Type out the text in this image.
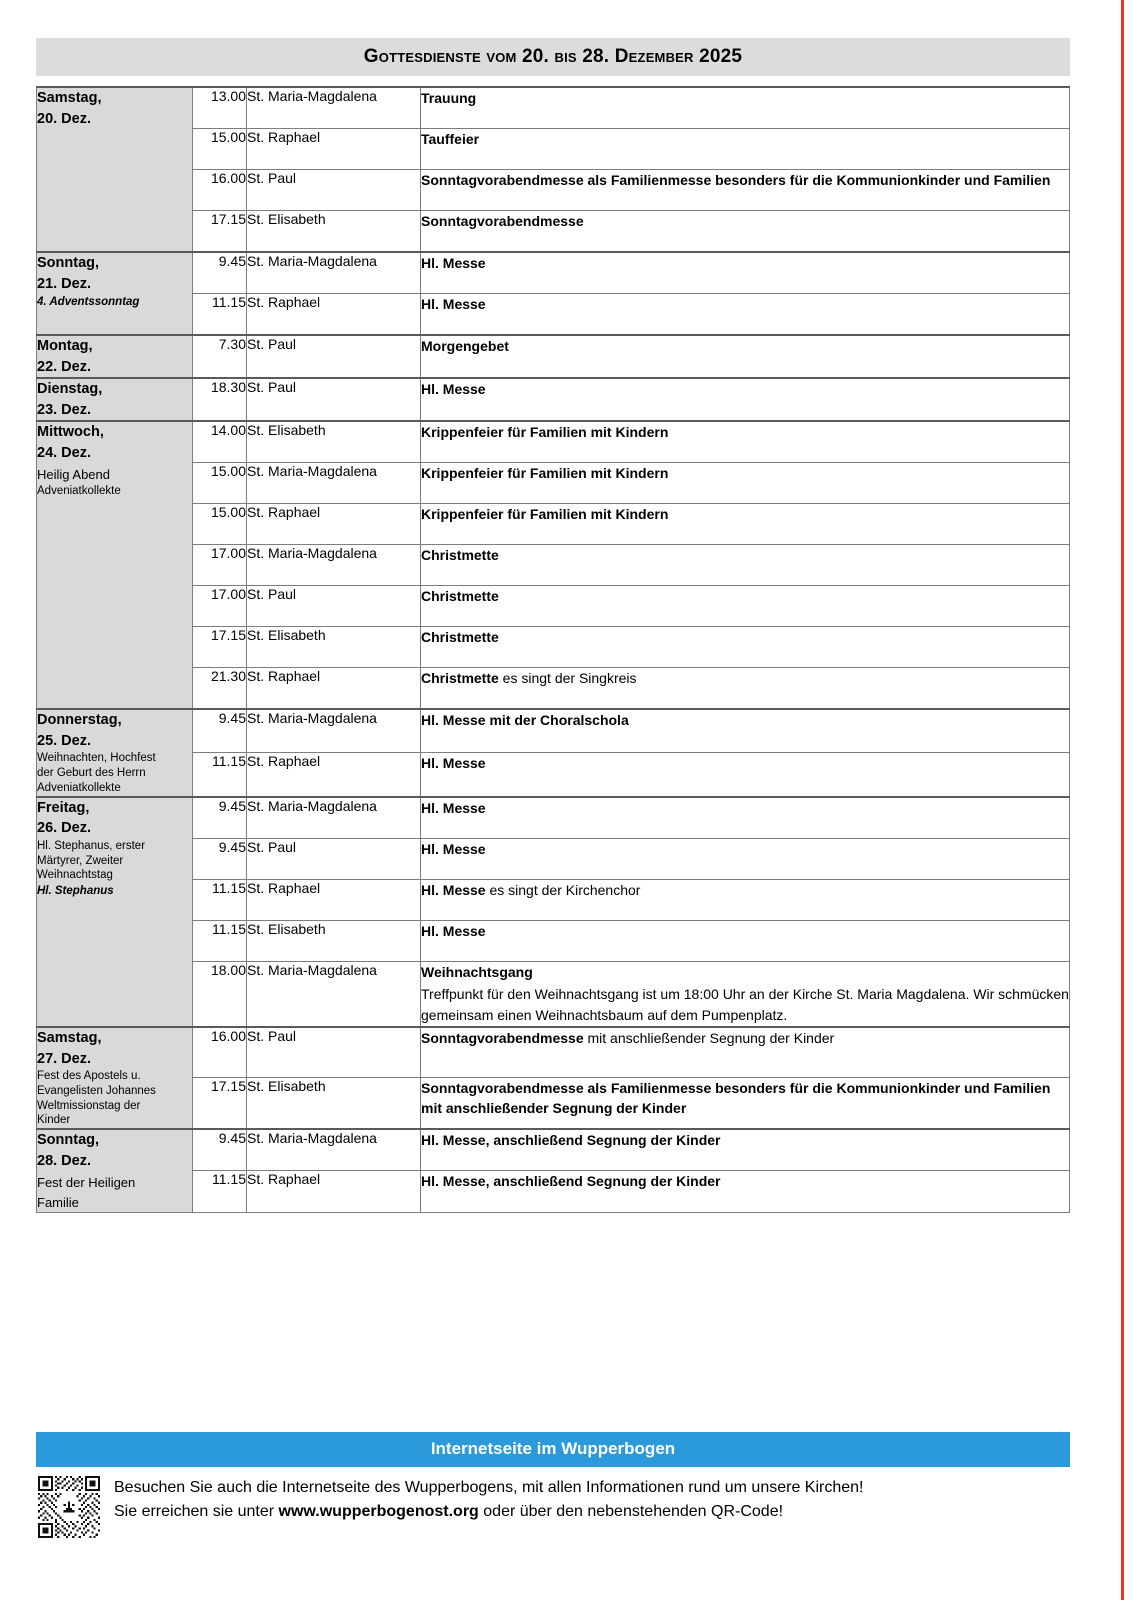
Gottesdienste vom 20. bis 28. Dezember 2025
Samstag,
20. Dez.	13.00	St. Maria-Magdalena	Trauung
	15.00	St. Raphael	Tauffeier
	16.00	St. Paul	Sonntagvorabendmesse als Familienmesse besonders für die Kommunionkinder und Familien
	17.15	St. Elisabeth	Sonntagvorabendmesse

Sonntag,
21. Dez.
4. Adventssonntag	9.45	St. Maria-Magdalena	Hl. Messe
	11.15	St. Raphael	Hl. Messe

Montag,
22. Dez.	7.30	St. Paul	Morgengebet

Dienstag,
23. Dez.	18.30	St. Paul	Hl. Messe

Mittwoch,
24. Dez.
Heilig Abend
Adveniatkollekte	14.00	St. Elisabeth	Krippenfeier für Familien mit Kindern
	15.00	St. Maria-Magdalena	Krippenfeier für Familien mit Kindern
	15.00	St. Raphael	Krippenfeier für Familien mit Kindern
	17.00	St. Maria-Magdalena	Christmette
	17.00	St. Paul	Christmette
	17.15	St. Elisabeth	Christmette
	21.30	St. Raphael	Christmette es singt der Singkreis

Donnerstag,
25. Dez.
Weihnachten, Hochfest
der Geburt des Herrn
Adveniatkollekte	9.45	St. Maria-Magdalena	Hl. Messe mit der Choralschola
	11.15	St. Raphael	Hl. Messe

Freitag,
26. Dez.
Hl. Stephanus, erster
Märtyrer, Zweiter
Weihnachtstag
Hl. Stephanus
	9.45	St. Maria-Magdalena	Hl. Messe
	9.45	St. Paul	Hl. Messe
	11.15	St. Raphael	Hl. Messe es singt der Kirchenchor
	11.15	St. Elisabeth	Hl. Messe
	18.00	St. Maria-Magdalena	Weihnachtsgang
Treffpunkt für den Weihnachtsgang ist um 18:00 Uhr an der Kirche St. Maria Magdalena. Wir schmücken gemeinsam einen Weihnachtsbaum auf dem Pumpenplatz.

Samstag,
27. Dez.
Fest des Apostels u.
Evangelisten Johannes
Weltmissionstag der
Kinder
	16.00	St. Paul	Sonntagvorabendmesse mit anschließender Segnung der Kinder
	17.15	St. Elisabeth	Sonntagvorabendmesse als Familienmesse besonders für die Kommunionkinder und Familien mit anschließender Segnung der Kinder

Sonntag,
28. Dez.
Fest der Heiligen
Familie	9.45	St. Maria-Magdalena	Hl. Messe, anschließend Segnung der Kinder
	11.15	St. Raphael	Hl. Messe, anschließend Segnung der Kinder
Internetseite im Wupperbogen
Besuchen Sie auch die Internetseite des Wupperbogens, mit allen Informationen rund um unsere Kirchen!
Sie erreichen sie unter www.wupperbogenost.org oder über den nebenstehenden QR-Code!
